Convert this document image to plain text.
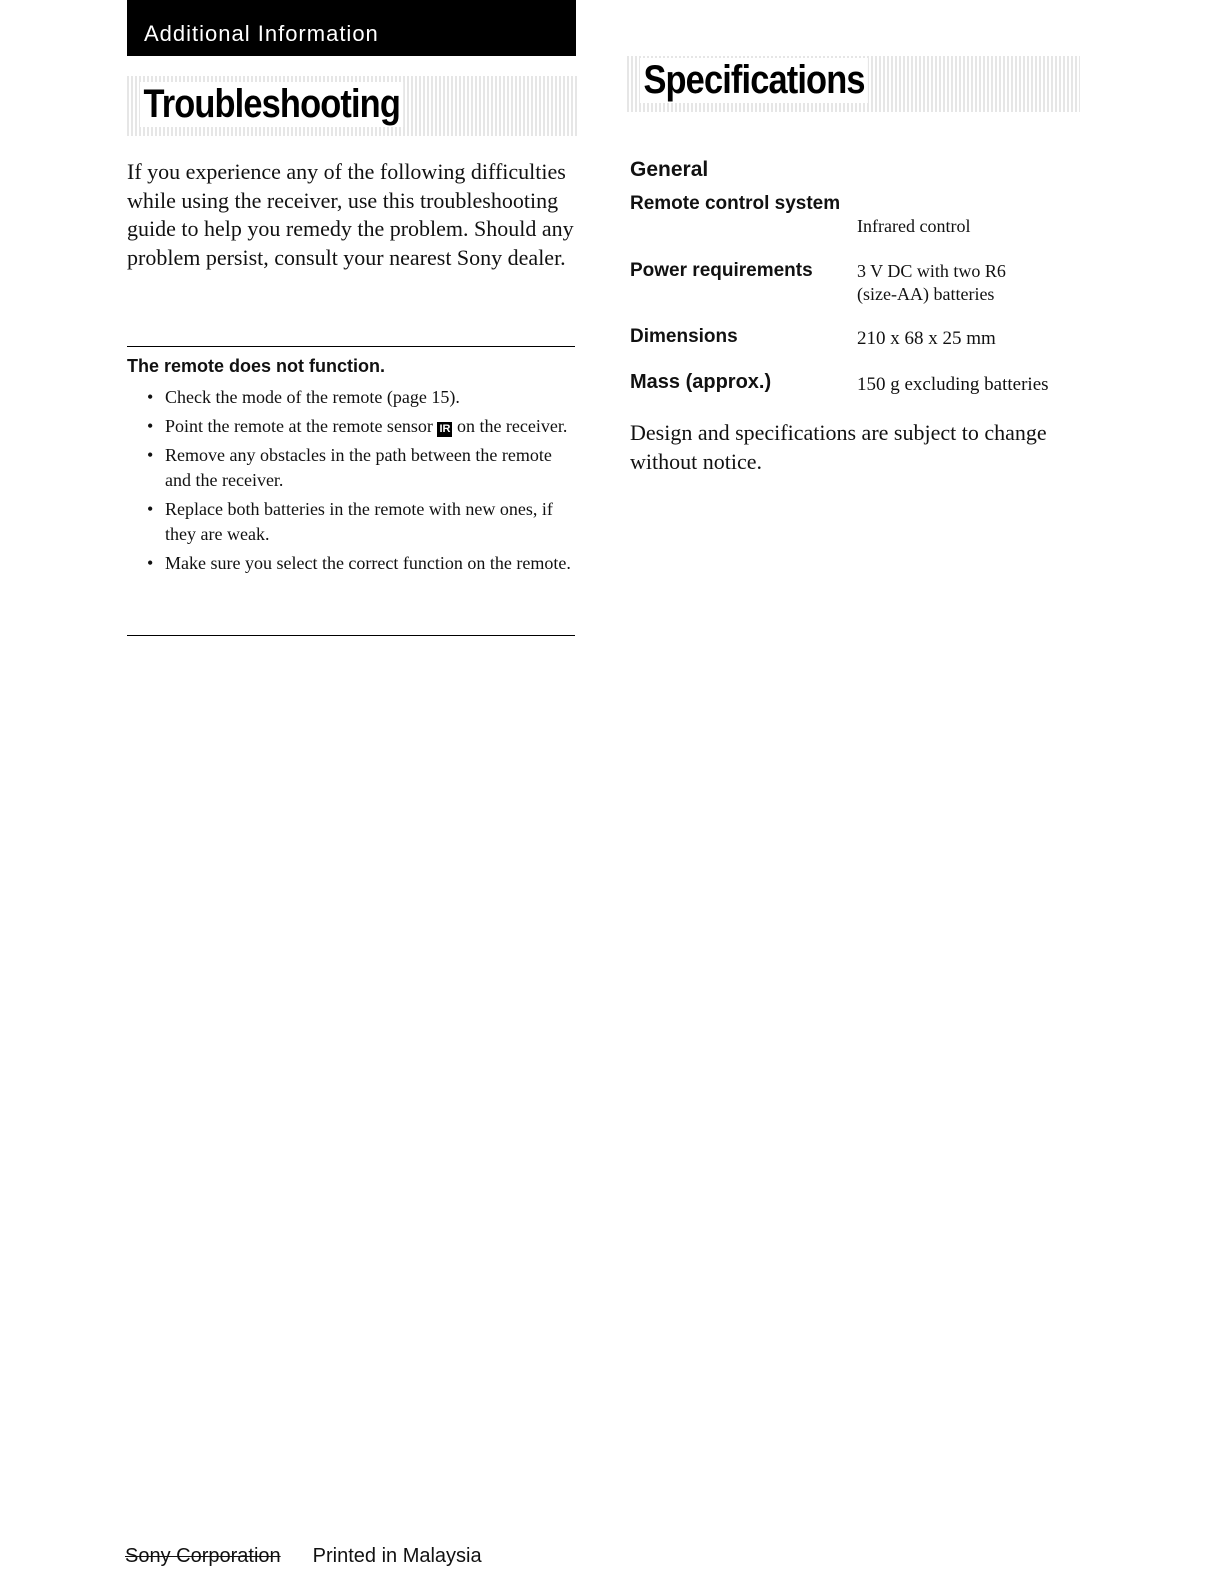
Additional Information
Troubleshooting
Specifications

If you experience any of the following difficulties while using the receiver, use this troubleshooting guide to help you remedy the problem. Should any problem persist, consult your nearest Sony dealer.

The remote does not function.

• Check the mode of the remote (page 15).
• Point the remote at the remote sensor IR on the receiver.
• Remove any obstacles in the path between the remote and the receiver.
• Replace both batteries in the remote with new ones, if they are weak.
• Make sure you select the correct function on the remote.

General

Remote control system
Infrared control
Power requirements 3 V DC with two R6
(size-AA) batteries
Dimensions	210 x 68 x 25 mm
Mass (approx.)	150 g excluding batteries

Design and specifications are subject to change without notice.

Sony Corporation Printed in Malaysia
